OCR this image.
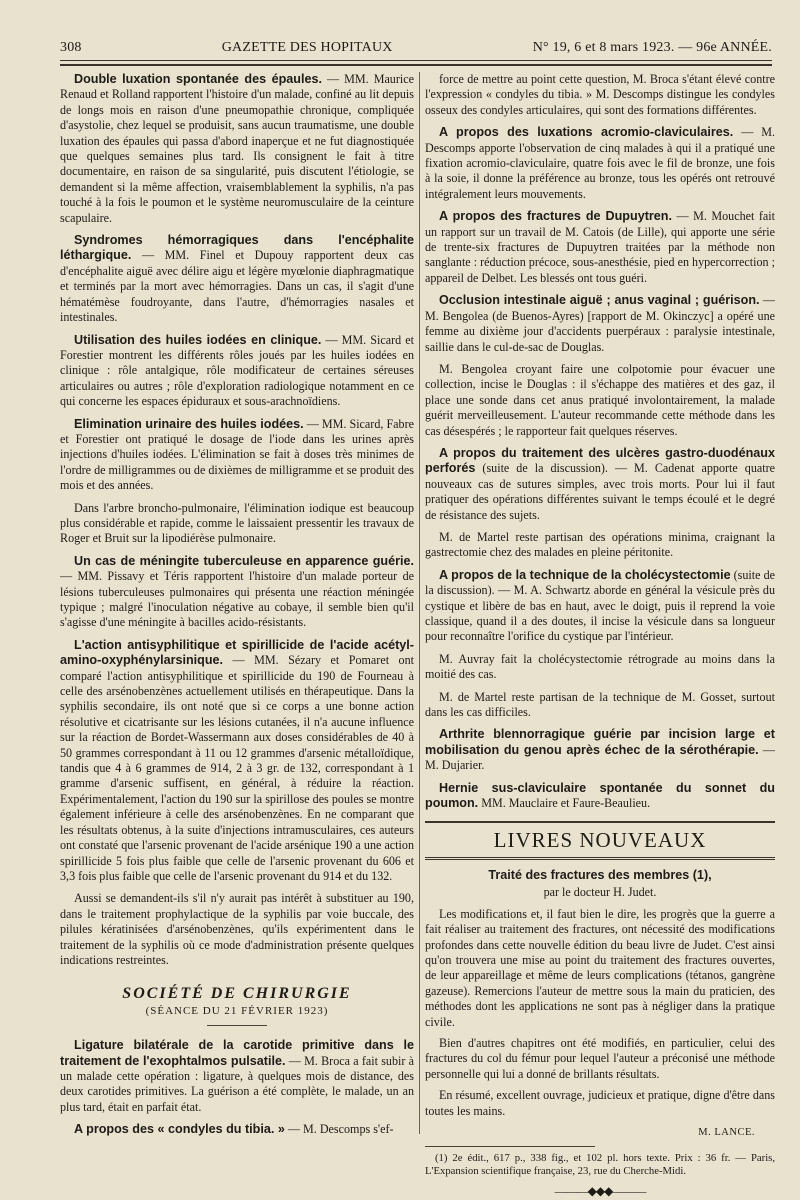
308	GAZETTE DES HOPITAUX	N° 19, 6 et 8 mars 1923. — 96e ANNÉE.

Double luxation spontanée des épaules. — MM. Maurice Renaud et Rolland rapportent l'histoire d'un malade, confiné au lit depuis de longs mois en raison d'une pneumopathie chronique, compliquée d'asystolie, chez lequel se produisit, sans aucun traumatisme, une double luxation des épaules qui passa d'abord inaperçue et ne fut diagnostiquée que quelques semaines plus tard. Ils consignent le fait à titre documentaire, en raison de sa singularité, puis discutent l'étiologie, se demandent si la même affection, vraisemblablement la syphilis, n'a pas touché à la fois le poumon et le système neuromusculaire de la ceinture scapulaire.

Syndromes hémorragiques dans l'encéphalite léthargique. — MM. Finel et Dupouy rapportent deux cas d'encéphalite aiguë avec délire aigu et légère myœlonie diaphragmatique et terminés par la mort avec hémorragies. Dans un cas, il s'agit d'une hématémèse foudroyante, dans l'autre, d'hémorragies nasales et intestinales.

Utilisation des huiles iodées en clinique. — MM. Sicard et Forestier montrent les différents rôles joués par les huiles iodées en clinique : rôle antalgique, rôle modificateur de certaines séreuses articulaires ou autres ; rôle d'exploration radiologique notamment en ce qui concerne les espaces épiduraux et sous-arachnoïdiens.

Elimination urinaire des huiles iodées. — MM. Sicard, Fabre et Forestier ont pratiqué le dosage de l'iode dans les urines après injections d'huiles iodées. L'élimination se fait à doses très minimes de l'ordre de milligrammes ou de dixièmes de milligramme et se produit des mois et des années.

Dans l'arbre broncho-pulmonaire, l'élimination iodique est beaucoup plus considérable et rapide, comme le laissaient pressentir les travaux de Roger et Bruit sur la lipodiérèse pulmonaire.

Un cas de méningite tuberculeuse en apparence guérie. — MM. Pissavy et Téris rapportent l'histoire d'un malade porteur de lésions tuberculeuses pulmonaires qui présenta une réaction méningée typique ; malgré l'inoculation négative au cobaye, il semble bien qu'il s'agisse d'une méningite à bacilles acido-résistants.

L'action antisyphilitique et spirillicide de l'acide acétyl-amino-oxyphénylarsinique. — MM. Sézary et Pomaret ont comparé l'action antisyphilitique et spirillicide du 190 de Fourneau à celle des arsénobenzènes actuellement utilisés en thérapeutique. Dans la syphilis secondaire, ils ont noté que si ce corps a une bonne action résolutive et cicatrisante sur les lésions cutanées, il n'a aucune influence sur la réaction de Bordet-Wassermann aux doses considérables de 40 à 50 grammes correspondant à 11 ou 12 grammes d'arsenic métalloïdique, tandis que 4 à 6 grammes de 914, 2 à 3 gr. de 132, correspondant à 1 gramme d'arsenic suffisent, en général, à réduire la réaction. Expérimentalement, l'action du 190 sur la spirillose des poules se montre également inférieure à celle des arsénobenzènes. En ne comparant que les résultats obtenus, à la suite d'injections intramusculaires, ces auteurs ont constaté que l'arsenic provenant de l'acide arsénique 190 a une action spirillicide 5 fois plus faible que celle de l'arsenic provenant du 606 et 3,3 fois plus faible que celle de l'arsenic provenant du 914 et du 132.

Aussi se demandent-ils s'il n'y aurait pas intérêt à substituer au 190, dans le traitement prophylactique de la syphilis par voie buccale, des pilules kératinisées d'arsénobenzènes, qu'ils expérimentent dans le traitement de la syphilis où ce mode d'administration présente quelques indications restreintes.

SOCIÉTÉ DE CHIRURGIE
(SÉANCE DU 21 FÉVRIER 1923)

Ligature bilatérale de la carotide primitive dans le traitement de l'exophtalmos pulsatile. — M. Broca a fait subir à un malade cette opération : ligature, à quelques mois de distance, des deux carotides primitives. La guérison a été complète, le malade, un an plus tard, était en parfait état.

A propos des « condyles du tibia. » — M. Descomps s'ef-

force de mettre au point cette question, M. Broca s'étant élevé contre l'expression « condyles du tibia. » M. Descomps distingue les condyles osseux des condyles articulaires, qui sont des formations différentes.

A propos des luxations acromio-claviculaires. — M. Descomps apporte l'observation de cinq malades à qui il a pratiqué une fixation acromio-claviculaire, quatre fois avec le fil de bronze, une fois à la soie, il donne la préférence au bronze, tous les opérés ont retrouvé intégralement leurs mouvements.

A propos des fractures de Dupuytren. — M. Mouchet fait un rapport sur un travail de M. Catois (de Lille), qui apporte une série de trente-six fractures de Dupuytren traitées par la méthode non sanglante : réduction précoce, sous-anesthésie, pied en hypercorrection ; appareil de Delbet. Les blessés ont tous guéri.

Occlusion intestinale aiguë ; anus vaginal ; guérison. — M. Bengolea (de Buenos-Ayres) [rapport de M. Okinczyc] a opéré une femme au dixième jour d'accidents puerpéraux : paralysie intestinale, saillie dans le cul-de-sac de Douglas.

M. Bengolea croyant faire une colpotomie pour évacuer une collection, incise le Douglas : il s'échappe des matières et des gaz, il place une sonde dans cet anus pratiqué involontairement, la malade guérit merveilleusement. L'auteur recommande cette méthode dans les cas désespérés ; le rapporteur fait quelques réserves.

A propos du traitement des ulcères gastro-duodénaux perforés (suite de la discussion). — M. Cadenat apporte quatre nouveaux cas de sutures simples, avec trois morts. Pour lui il faut pratiquer des opérations différentes suivant le temps écoulé et le degré de résistance des sujets.

M. de Martel reste partisan des opérations minima, craignant la gastrectomie chez des malades en pleine péritonite.

A propos de la technique de la cholécystectomie (suite de la discussion). — M. A. Schwartz aborde en général la vésicule près du cystique et libère de bas en haut, avec le doigt, puis il reprend la voie classique, quand il a des doutes, il incise la vésicule dans sa longueur pour reconnaître l'orifice du cystique par l'intérieur.

M. Auvray fait la cholécystectomie rétrograde au moins dans la moitié des cas.

M. de Martel reste partisan de la technique de M. Gosset, surtout dans les cas difficiles.

Arthrite blennorragique guérie par incision large et mobilisation du genou après échec de la sérothérapie. — M. Dujarier.

Hernie sus-claviculaire spontanée du sonnet du poumon. MM. Mauclaire et Faure-Beaulieu.

LIVRES NOUVEAUX
Traité des fractures des membres (1),
par le docteur H. Judet.

Les modifications et, il faut bien le dire, les progrès que la guerre a fait réaliser au traitement des fractures, ont nécessité des modifications profondes dans cette nouvelle édition du beau livre de Judet. C'est ainsi qu'on trouvera une mise au point du traitement des fractures ouvertes, de leur appareillage et même de leurs complications (tétanos, gangrène gazeuse). Remercions l'auteur de mettre sous la main du praticien, des méthodes dont les applications ne sont pas à négliger dans la pratique civile.

Bien d'autres chapitres ont été modifiés, en particulier, celui des fractures du col du fémur pour lequel l'auteur a préconisé une méthode personnelle qui lui a donné de brillants résultats.

En résumé, excellent ouvrage, judicieux et pratique, digne d'être dans toutes les mains.

M. LANCE.

(1) 2e édit., 617 p., 338 fig., et 102 pl. hors texte. Prix : 36 fr. — Paris, L'Expansion scientifique française, 23, rue du Cherche-Midi.

———◆◆◆———
